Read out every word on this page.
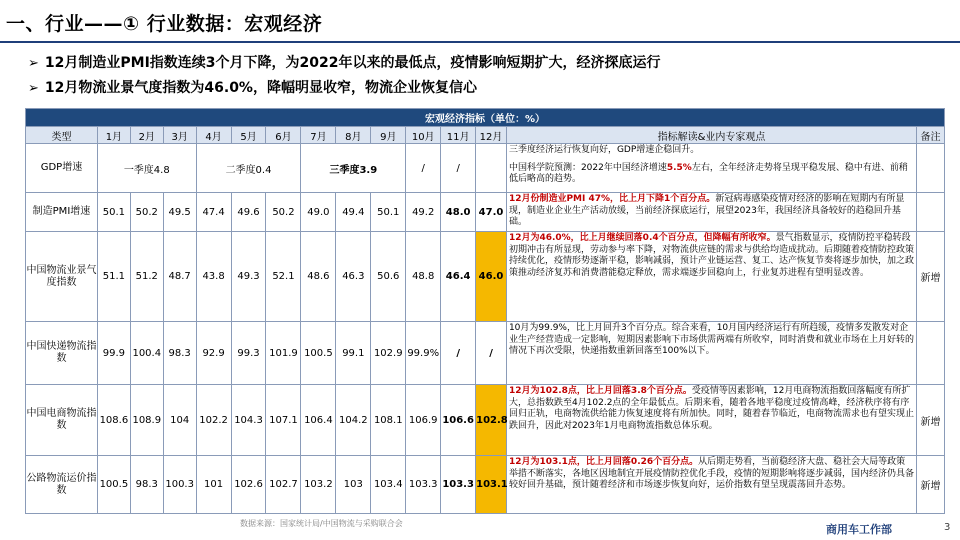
一、行业——① 行业数据：宏观经济
➢ 12月制造业PMI指数连续3个月下降，为2022年以来的最低点，疫情影响短期扩大，经济探底运行
➢ 12月物流业景气度指数为46.0%，降幅明显收窄，物流企业恢复信心
宏观经济指标（单位：%）														
类型	1月	2月	3月	4月	5月	6月	7月	8月	9月	10月	11月	12月	指标解读&业内专家观点	备注
GDP增速	一季度4.8			二季度0.4			三季度3.9			/	/		三季度经济运行恢复向好，GDP增速企稳回升。
中国科学院预测：2022年中国经济增速5.5%左右，全年经济走势将呈现平稳发展、稳中有进、前稍低后略高的趋势。	

制造PMI增速	50.1	50.2	49.5	47.4	49.6	50.2	49.0	49.4	50.1	49.2	48.0	47.0	12月份制造业PMI 47%，比上月下降1个百分点。新冠病毒感染疫情对经济的影响在短期内有所显现，制造业企业生产活动放缓，当前经济探底运行，展望2023年，我国经济具备较好的趋稳回升基础。	
中国物流业景气度指数	51.1	51.2	48.7	43.8	49.3	52.1	48.6	46.3	50.6	48.8	46.4	46.0	12月为46.0%，比上月继续回落0.4个百分点，但降幅有所收窄。景气指数显示，疫情防控平稳转段初期冲击有所显现，劳动参与率下降，对物流供应链的需求与供给均造成扰动。后期随着疫情防控政策持续优化，疫情形势逐渐平稳，影响减弱，预计产业链运营、复工、达产恢复节奏将逐步加快，加之政策推动经济复苏和消费潜能稳定释放，需求端逐步回稳向上，行业复苏进程有望明显改善。	新增
中国快递物流指数	99.9	100.4	98.3	92.9	99.3	101.9	100.5	99.1	102.9	99.9%	/	/	10月为99.9%，比上月回升3个百分点。综合来看，10月国内经济运行有所趋缓，疫情多发散发对企业生产经营造成一定影响，短期因素影响下市场供需两端有所收窄，同时消费和就业市场在上月好转的情况下再次受限，快递指数重新回落至100%以下。	
中国电商物流指数	108.6	108.9	104	102.2	104.3	107.1	106.4	104.2	108.1	106.9	106.6	102.8	12月为102.8点，比上月回落3.8个百分点。受疫情等因素影响，12月电商物流指数回落幅度有所扩大，总指数跌至4月102.2点的全年最低点。后期来看，随着各地平稳度过疫情高峰，经济秩序将有序回归正轨，电商物流供给能力恢复速度将有所加快。同时，随着春节临近，电商物流需求也有望实现止跌回升，因此对2023年1月电商物流指数总体乐观。	新增
公路物流运价指数	100.5	98.3	100.3	101	102.6	102.7	103.2	103	103.4	103.3	103.3	103.1	12月为103.1点，比上月回落0.26个百分点。从后期走势看，当前稳经济大盘、稳社会大局等政策举措不断落实，各地区因地制宜开展疫情防控优化手段，疫情的短期影响将逐步减弱，国内经济仍具备较好回升基础，预计随着经济和市场逐步恢复向好，运价指数有望呈现震荡回升态势。	新增
数据来源：国家统计局/中国物流与采购联合会	商用车工作部	3
